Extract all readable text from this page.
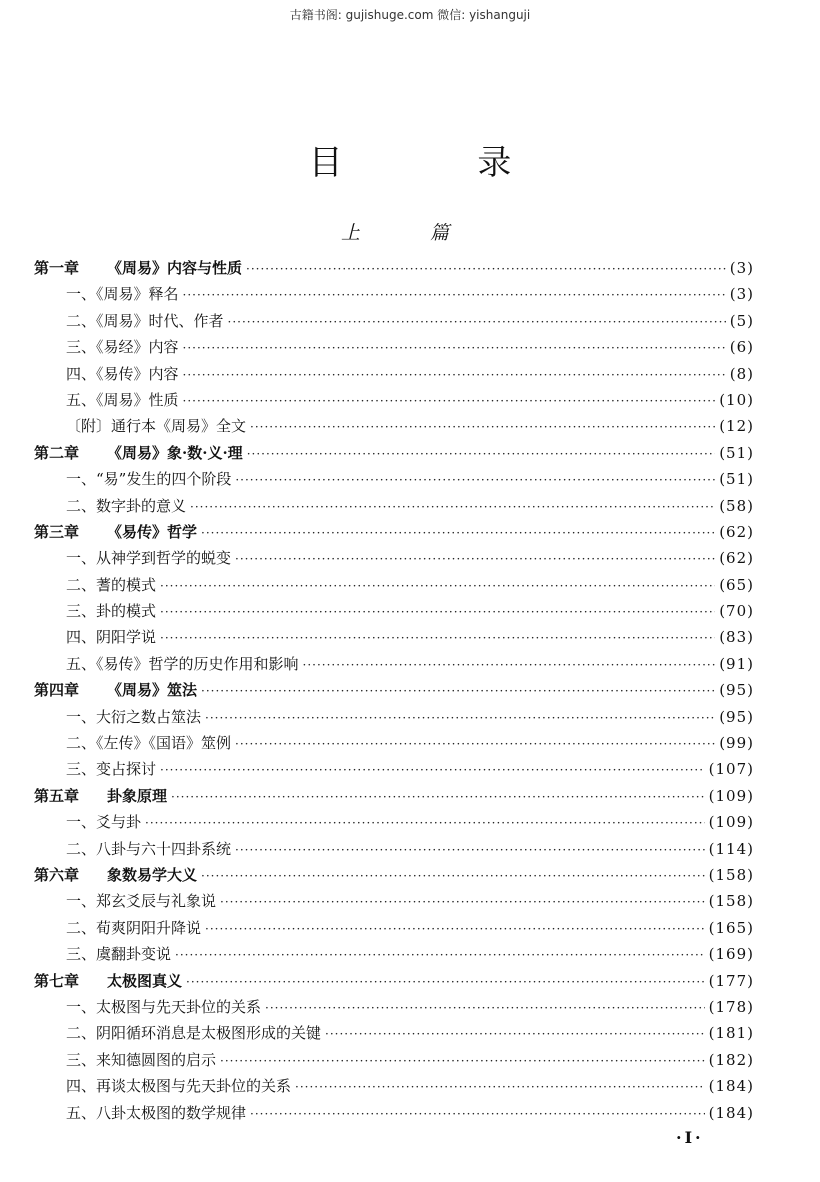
古籍书阁: gujishuge.com 微信: yishanguji
目 录
上 篇
第一章 《周易》内容与性质 ·····	(3)
一、《周易》释名 ·····	(3)
二、《周易》时代、作者 ·····	(5)
三、《易经》内容 ·····	(6)
四、《易传》内容 ·····	(8)
五、《周易》性质 ·····	(10)
〔附〕通行本《周易》全文 ·····	(12)
第二章 《周易》象·数·义·理 ·····	(51)
一、“易”发生的四个阶段 ·····	(51)
二、数字卦的意义 ·····	(58)
第三章 《易传》哲学 ·····	(62)
一、从神学到哲学的蜕变 ·····	(62)
二、蓍的模式 ·····	(65)
三、卦的模式 ·····	(70)
四、阴阳学说 ·····	(83)
五、《易传》哲学的历史作用和影响 ·····	(91)
第四章 《周易》筮法 ·····	(95)
一、大衍之数占筮法 ·····	(95)
二、《左传》《国语》筮例 ·····	(99)
三、变占探讨 ·····	(107)
第五章 卦象原理 ·····	(109)
一、爻与卦 ·····	(109)
二、八卦与六十四卦系统 ·····	(114)
第六章 象数易学大义 ·····	(158)
一、郑玄爻辰与礼象说 ·····	(158)
二、荀爽阴阳升降说 ·····	(165)
三、虞翻卦变说 ·····	(169)
第七章 太极图真义 ·····	(177)
一、太极图与先天卦位的关系 ·····	(178)
二、阴阳循环消息是太极图形成的关键 ·····	(181)
三、来知德圆图的启示 ·····	(182)
四、再谈太极图与先天卦位的关系 ·····	(184)
五、八卦太极图的数学规律 ·····	(184)
·I·
